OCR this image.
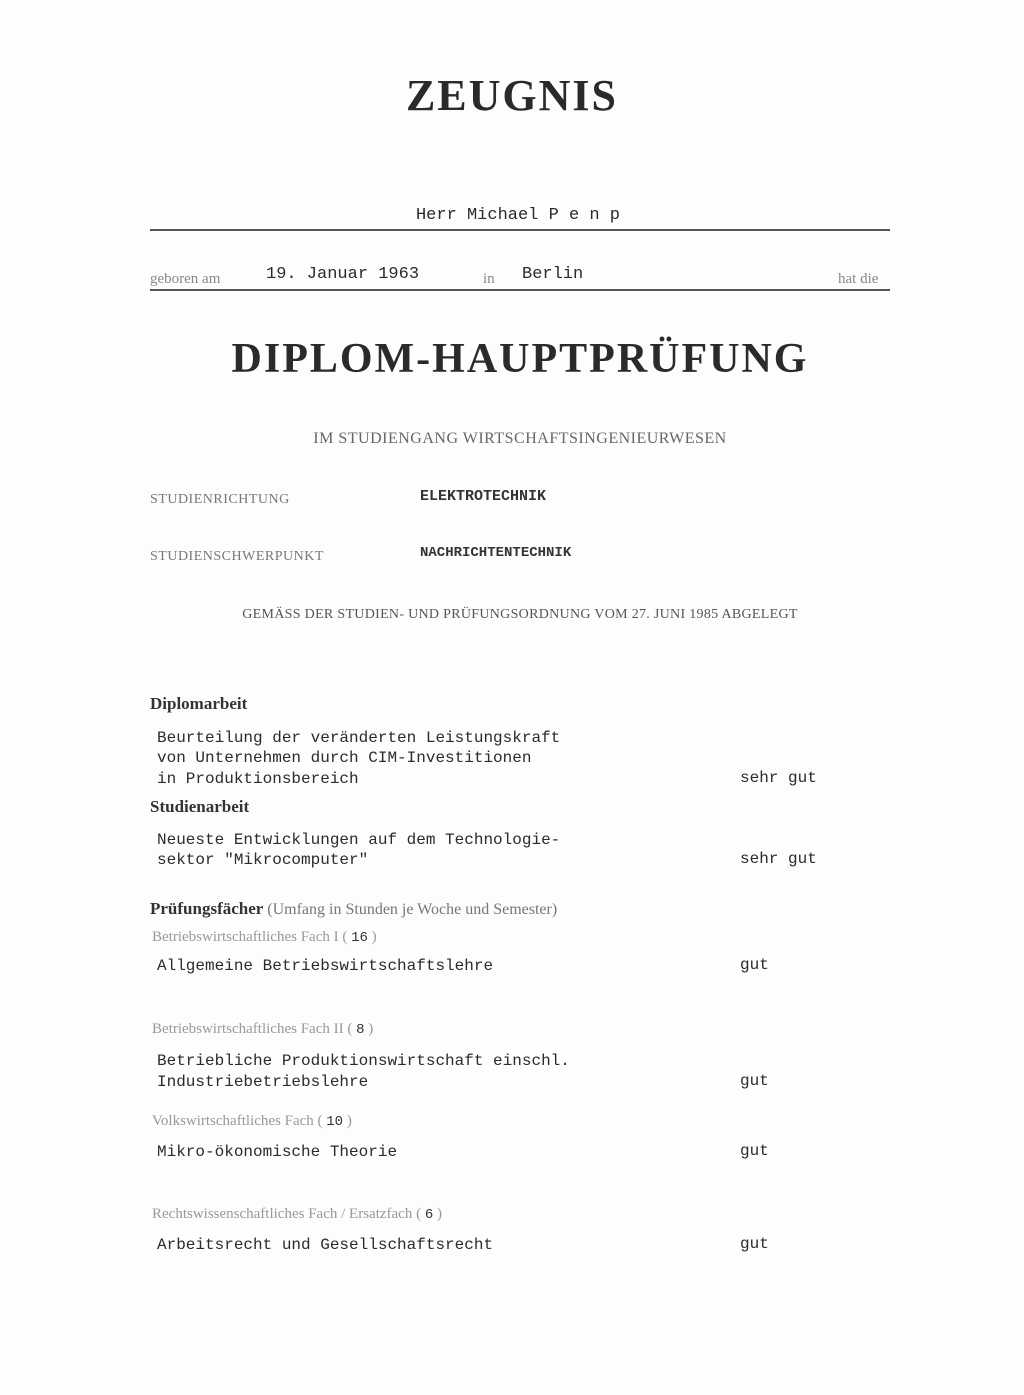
ZEUGNIS
Herr Michael P e n p
geboren am	19. Januar 1963	in Berlin	hat die
DIPLOM-HAUPTPRÜFUNG
IM STUDIENGANG WIRTSCHAFTSINGENIEURWESEN
STUDIENRICHTUNG	ELEKTROTECHNIK
STUDIENSCHWERPUNKT	NACHRICHTENTECHNIK
GEMÄSS DER STUDIEN- UND PRÜFUNGSORDNUNG VOM 27. JUNI 1985 ABGELEGT
Diplomarbeit
Beurteilung der veränderten Leistungskraft
von Unternehmen durch CIM-Investitionen
in Produktionsbereich	sehr gut
Studienarbeit
Neueste Entwicklungen auf dem Technologie-
sektor "Mikrocomputer"	sehr gut
Prüfungsfächer (Umfang in Stunden je Woche und Semester)
Betriebswirtschaftliches Fach I ( 16 )
Allgemeine Betriebswirtschaftslehre	gut
Betriebswirtschaftliches Fach II ( 8 )
Betriebliche Produktionswirtschaft einschl.
Industriebetriebslehre	gut
Volkswirtschaftliches Fach ( 10 )
Mikro-ökonomische Theorie	gut
Rechtswissenschaftliches Fach / Ersatzfach ( 6 )
Arbeitsrecht und Gesellschaftsrecht	gut
